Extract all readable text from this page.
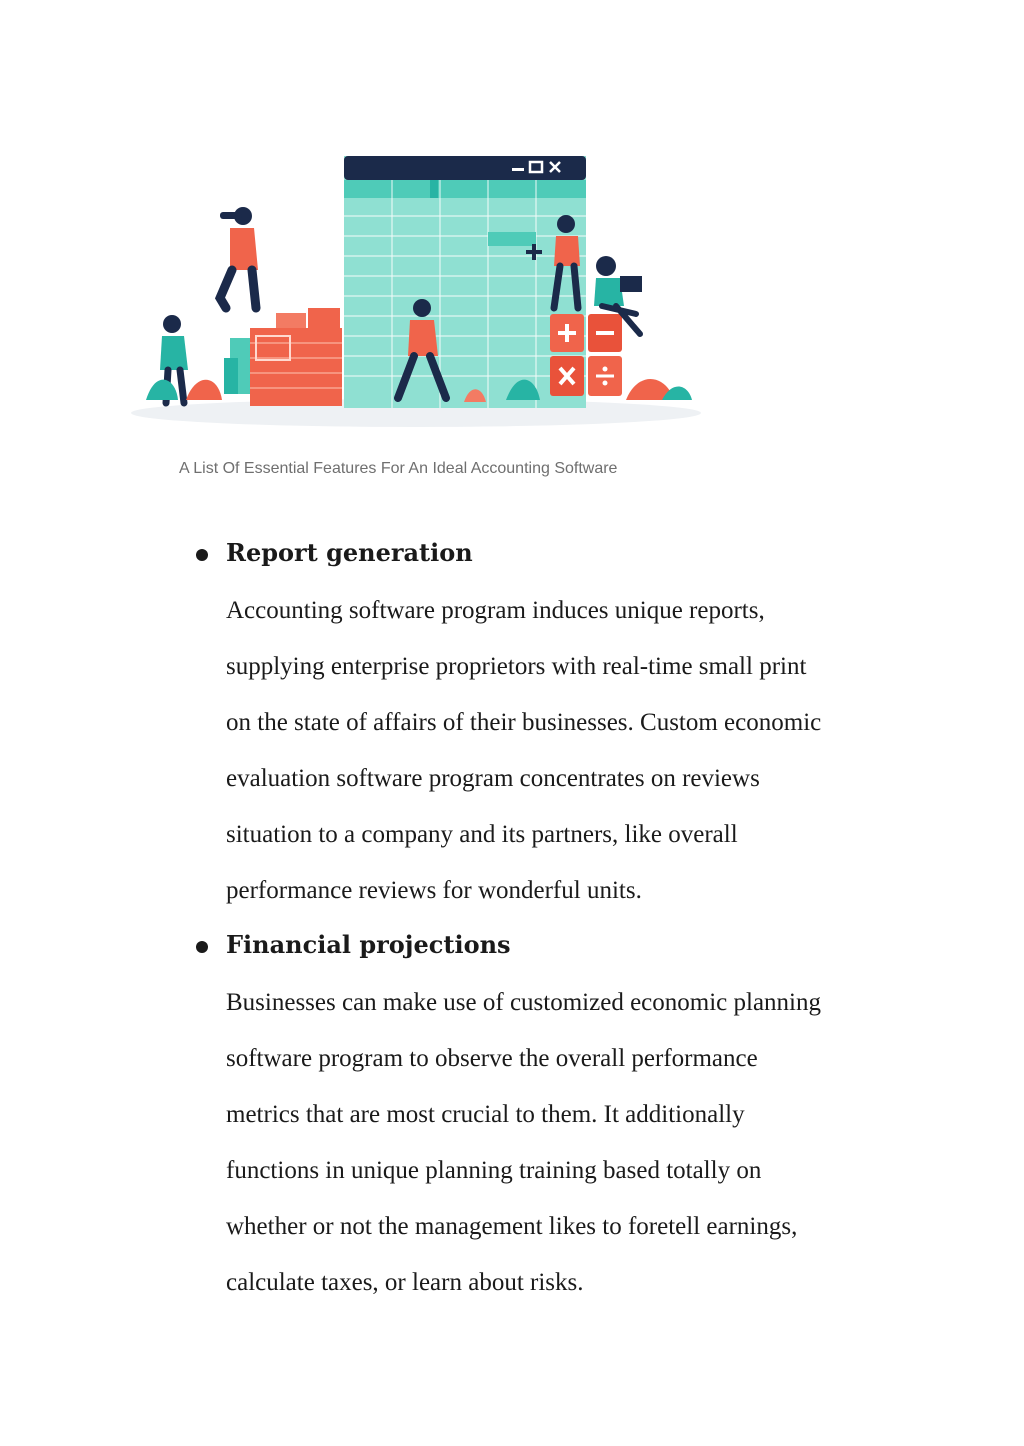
A List Of Essential Features For An Ideal Accounting Software
Report generation
Accounting software program induces unique reports,
supplying enterprise proprietors with real-time small print
on the state of affairs of their businesses. Custom economic
evaluation software program concentrates on reviews
situation to a company and its partners, like overall
performance reviews for wonderful units.
Financial projections
Businesses can make use of customized economic planning
software program to observe the overall performance
metrics that are most crucial to them. It additionally
functions in unique planning training based totally on
whether or not the management likes to foretell earnings,
calculate taxes, or learn about risks.
